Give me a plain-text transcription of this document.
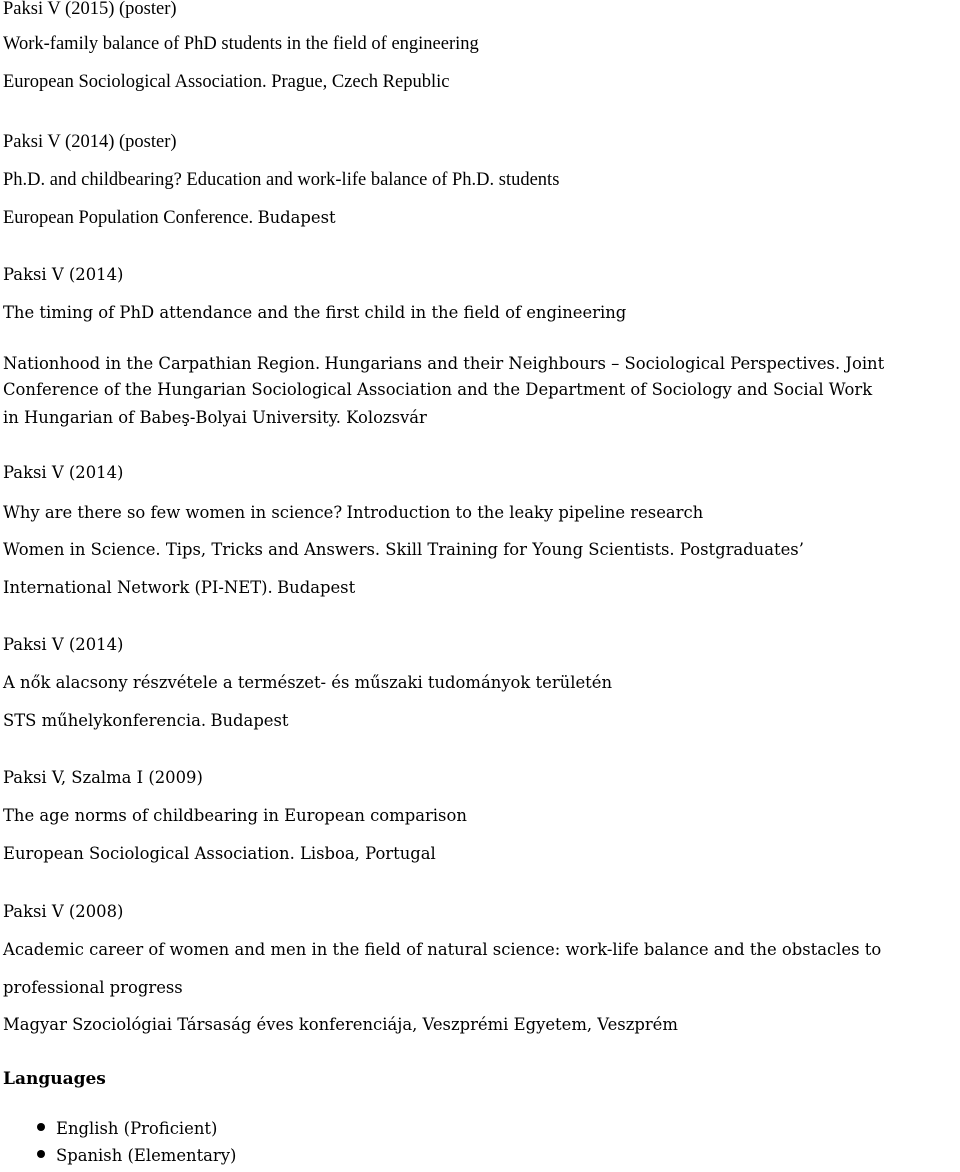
Paksi V (2015) (poster)
Work-family balance of PhD students in the field of engineering
European Sociological Association. Prague, Czech Republic
Paksi V (2014) (poster)
Ph.D. and childbearing? Education and work-life balance of Ph.D. students
European Population Conference. Budapest
Paksi V (2014)
The timing of PhD attendance and the first child in the field of engineering
Nationhood in the Carpathian Region. Hungarians and their Neighbours – Sociological Perspectives. Joint
Conference of the Hungarian Sociological Association and the Department of Sociology and Social Work
in Hungarian of Babeş-Bolyai University. Kolozsvár
Paksi V (2014)
Why are there so few women in science? Introduction to the leaky pipeline research
Women in Science. Tips, Tricks and Answers. Skill Training for Young Scientists. Postgraduates’
International Network (PI-NET). Budapest
Paksi V (2014)
A nők alacsony részvétele a természet- és műszaki tudományok területén
STS műhelykonferencia. Budapest
Paksi V, Szalma I (2009)
The age norms of childbearing in European comparison
European Sociological Association. Lisboa, Portugal
Paksi V (2008)
Academic career of women and men in the field of natural science: work-life balance and the obstacles to
professional progress
Magyar Szociológiai Társaság éves konferenciája, Veszprémi Egyetem, Veszprém
Languages
English (Proficient)
Spanish (Elementary)
